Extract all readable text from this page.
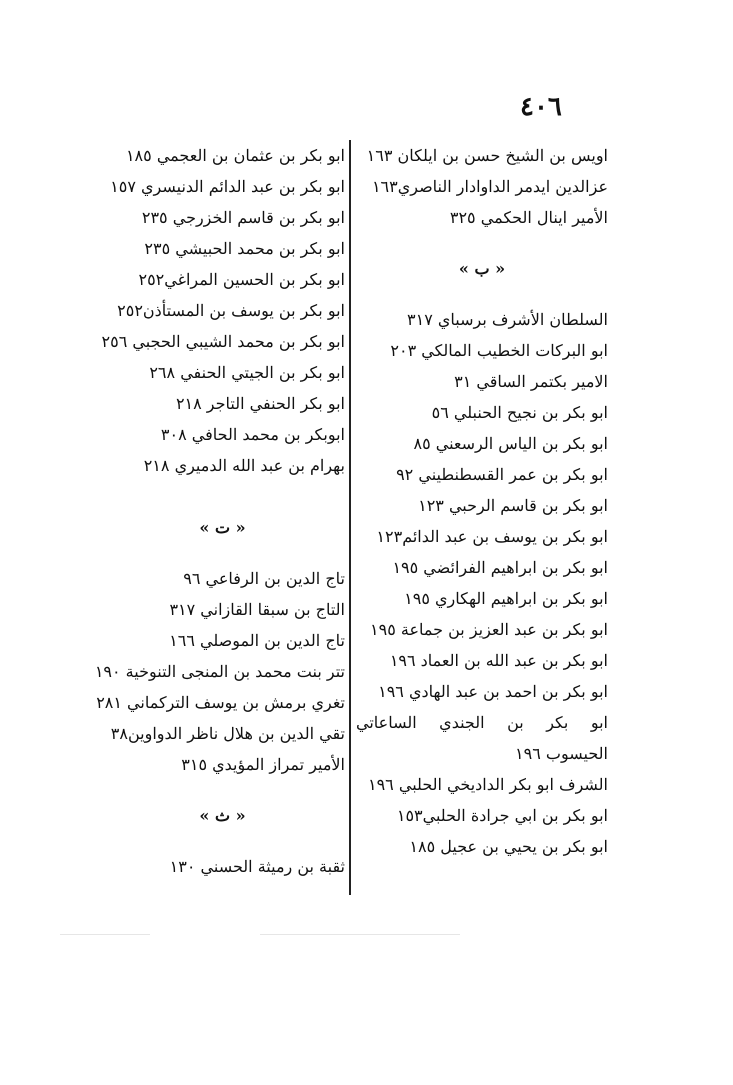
٤٠٦
اويس بن الشيخ حسن بن ايلكان ١٦٣
عزالدين ايدمر الداوادار الناصري١٦٣
الأمير اينال الحكمي ٣٢٥
« ب »
السلطان الأشرف برسباي ٣١٧
ابو البركات الخطيب المالكي ٢٠٣
الامير بكتمر الساقي ٣١
ابو بكر بن نجيح الحنبلي ٥٦
ابو بكر بن الياس الرسعني ٨٥
ابو بكر بن عمر القسطنطيني ٩٢
ابو بكر بن قاسم الرحبي ١٢٣
ابو بكر بن يوسف بن عبد الدائم١٢٣
ابو بكر بن ابراهيم الفرائضي ١٩٥
ابو بكر بن ابراهيم الهكاري ١٩٥
ابو بكر بن عبد العزيز بن جماعة ١٩٥
ابو بكر بن عبد الله بن العماد ١٩٦
ابو بكر بن احمد بن عبد الهادي ١٩٦
ابو بكر بن الجندي الساعاتي
الحيسوب ١٩٦
الشرف ابو بكر الداديخي الحلبي ١٩٦
ابو بكر بن ابي جرادة الحلبي١٥٣
ابو بكر بن يحيي بن عجيل ١٨٥
ابو بكر بن عثمان بن العجمي ١٨٥
ابو بكر بن عبد الدائم الدنيسري ١٥٧
ابو بكر بن قاسم الخزرجي ٢٣٥
ابو بكر بن محمد الحبيشي ٢٣٥
ابو بكر بن الحسين المراغي٢٥٢
ابو بكر بن يوسف بن المستأذن٢٥٢
ابو بكر بن محمد الشيبي الحجبي ٢٥٦
ابو بكر بن الجيتي الحنفي ٢٦٨
ابو بكر الحنفي التاجر ٢١٨
ابوبكر بن محمد الحافي ٣٠٨
بهرام بن عبد الله الدميري ٢١٨
« ت »
تاج الدين بن الرفاعي ٩٦
التاج بن سبقا القازاني ٣١٧
تاج الدين بن الموصلي ١٦٦
تتر بنت محمد بن المنجى التنوخية ١٩٠
تغري برمش بن يوسف التركماني ٢٨١
تقي الدين بن هلال ناظر الدواوين٣٨
الأمير تمراز المؤيدي ٣١٥
« ث »
ثقبة بن رميثة الحسني ١٣٠
